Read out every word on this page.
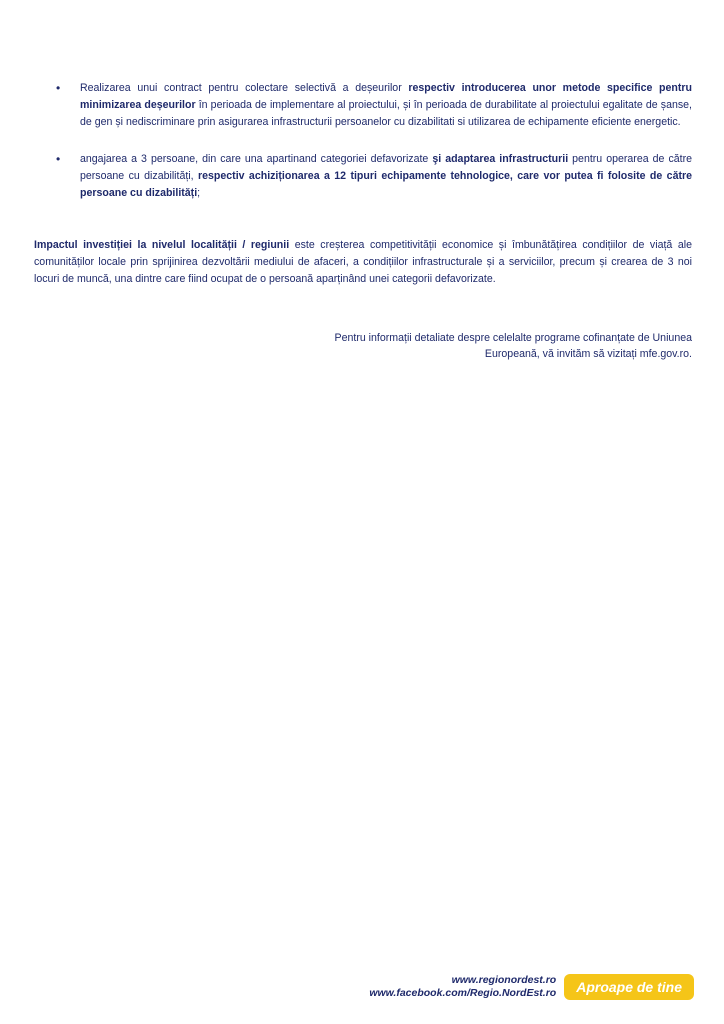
• Realizarea unui contract pentru colectare selectivă a deșeurilor respectiv introducerea unor metode specifice pentru minimizarea deșeurilor în perioada de implementare al proiectului, și în perioada de durabilitate al proiectului egalitate de șanse, de gen și nediscriminare prin asigurarea infrastructurii persoanelor cu dizabilitati si utilizarea de echipamente eficiente energetic.
• angajarea a 3 persoane, din care una apartinand categoriei defavorizate şi adaptarea infrastructurii pentru operarea de către persoane cu dizabilități, respectiv achiziționarea a 12 tipuri echipamente tehnologice, care vor putea fi folosite de către persoane cu dizabilități;

Impactul investiției la nivelul localității / regiunii este creșterea competitivității economice și îmbunătățirea condițiilor de viață ale comunităților locale prin sprijinirea dezvoltării mediului de afaceri, a condițiilor infrastructurale și a serviciilor, precum și crearea de 3 noi locuri de muncă, una dintre care fiind ocupat de o persoană aparținând unei categorii defavorizate.

Pentru informații detaliate despre celelalte programe cofinanțate de Uniunea
Europeană, vă invităm să vizitați mfe.gov.ro.

www.regionordest.ro
www.facebook.com/Regio.NordEst.ro	Aproape de tine
